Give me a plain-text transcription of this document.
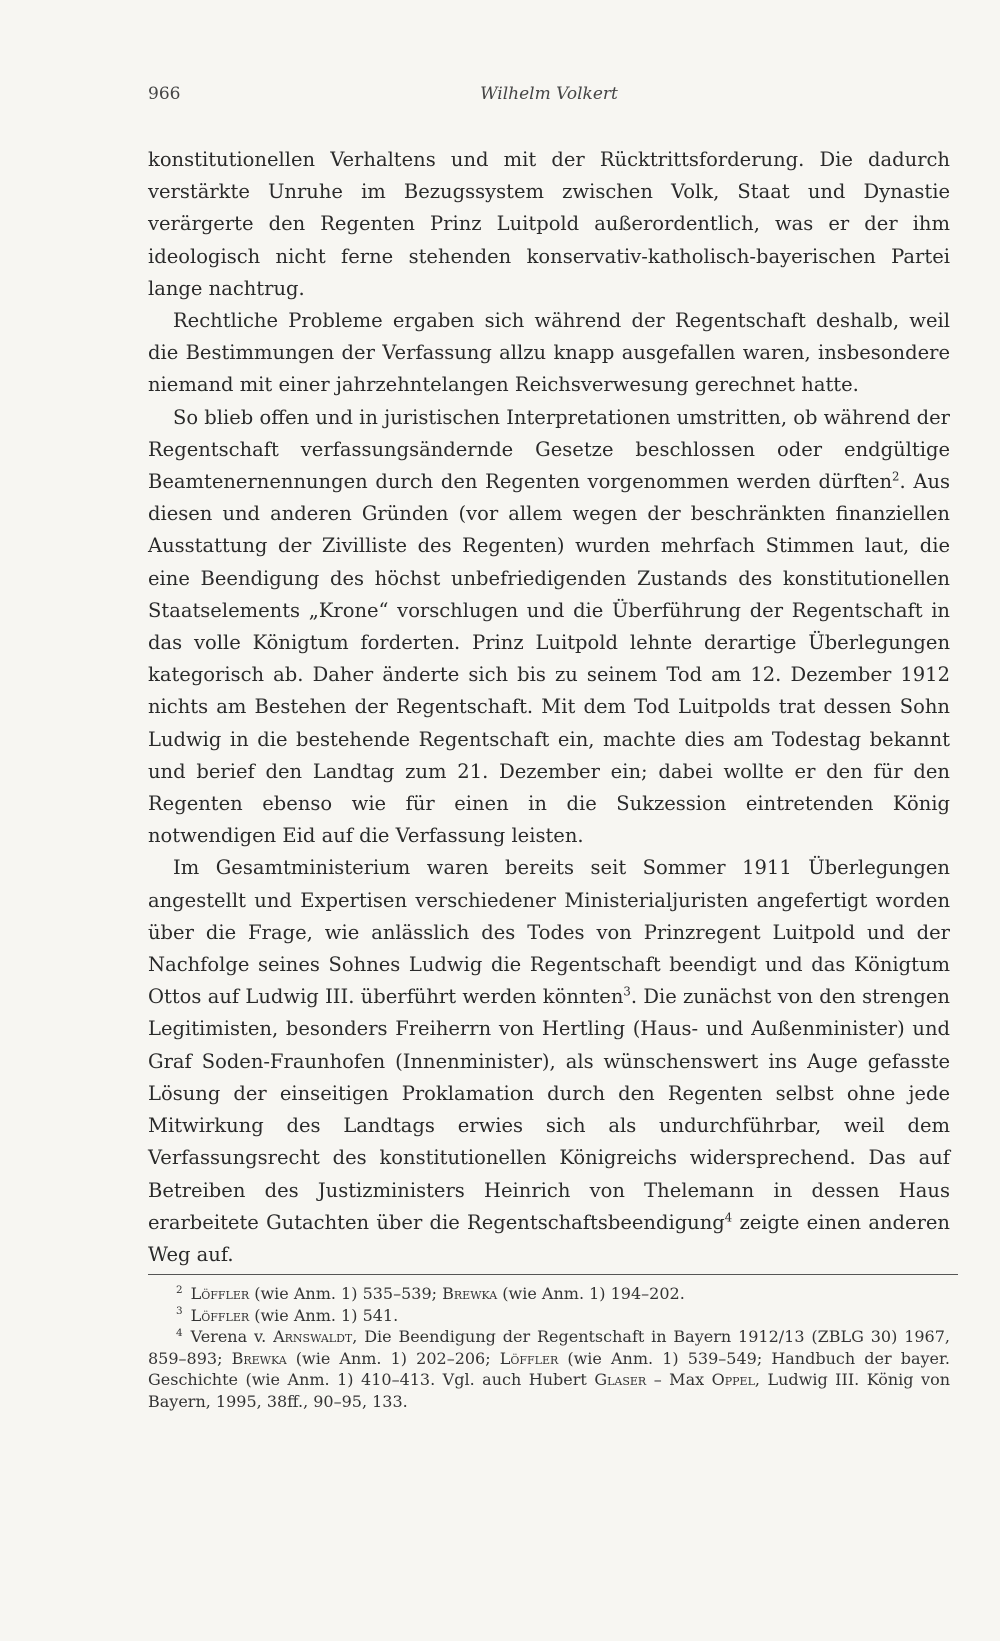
966	Wilhelm Volkert

konstitutionellen Verhaltens und mit der Rücktrittsforderung. Die dadurch verstärkte Unruhe im Bezugssystem zwischen Volk, Staat und Dynastie verärgerte den Regenten Prinz Luitpold außerordentlich, was er der ihm ideologisch nicht ferne stehenden konservativ-katholisch-bayerischen Partei lange nachtrug.

Rechtliche Probleme ergaben sich während der Regentschaft deshalb, weil die Bestimmungen der Verfassung allzu knapp ausgefallen waren, insbesondere niemand mit einer jahrzehntelangen Reichsverwesung gerechnet hatte.

So blieb offen und in juristischen Interpretationen umstritten, ob während der Regentschaft verfassungsändernde Gesetze beschlossen oder endgültige Beamtenernennungen durch den Regenten vorgenommen werden dürften$^2$. Aus diesen und anderen Gründen (vor allem wegen der beschränkten finanziellen Ausstattung der Zivilliste des Regenten) wurden mehrfach Stimmen laut, die eine Beendigung des höchst unbefriedigenden Zustands des konstitutionellen Staatselements „Krone“ vorschlugen und die Überführung der Regentschaft in das volle Königtum forderten. Prinz Luitpold lehnte derartige Überlegungen kategorisch ab. Daher änderte sich bis zu seinem Tod am 12. Dezember 1912 nichts am Bestehen der Regentschaft. Mit dem Tod Luitpolds trat dessen Sohn Ludwig in die bestehende Regentschaft ein, machte dies am Todestag bekannt und berief den Landtag zum 21. Dezember ein; dabei wollte er den für den Regenten ebenso wie für einen in die Sukzession eintretenden König notwendigen Eid auf die Verfassung leisten.

Im Gesamtministerium waren bereits seit Sommer 1911 Überlegungen angestellt und Expertisen verschiedener Ministerialjuristen angefertigt worden über die Frage, wie anlässlich des Todes von Prinzregent Luitpold und der Nachfolge seines Sohnes Ludwig die Regentschaft beendigt und das Königtum Ottos auf Ludwig III. überführt werden könnten$^3$. Die zunächst von den strengen Legitimisten, besonders Freiherrn von Hertling (Haus- und Außenminister) und Graf Soden-Fraunhofen (Innenminister), als wünschenswert ins Auge gefasste Lösung der einseitigen Proklamation durch den Regenten selbst ohne jede Mitwirkung des Landtags erwies sich als undurchführbar, weil dem Verfassungsrecht des konstitutionellen Königreichs widersprechend. Das auf Betreiben des Justizministers Heinrich von Thelemann in dessen Haus erarbeitete Gutachten über die Regentschaftsbeendigung$^4$ zeigte einen anderen Weg auf.

$^2$ Löffler (wie Anm. 1) 535–539; Brewka (wie Anm. 1) 194–202.

$^3$ Löffler (wie Anm. 1) 541.

$^4$ Verena v. Arnswaldt, Die Beendigung der Regentschaft in Bayern 1912/13 (ZBLG 30) 1967, 859–893; Brewka (wie Anm. 1) 202–206; Löffler (wie Anm. 1) 539–549; Handbuch der bayer. Geschichte (wie Anm. 1) 410–413. Vgl. auch Hubert Glaser – Max Oppel, Ludwig III. König von Bayern, 1995, 38ff., 90–95, 133.
